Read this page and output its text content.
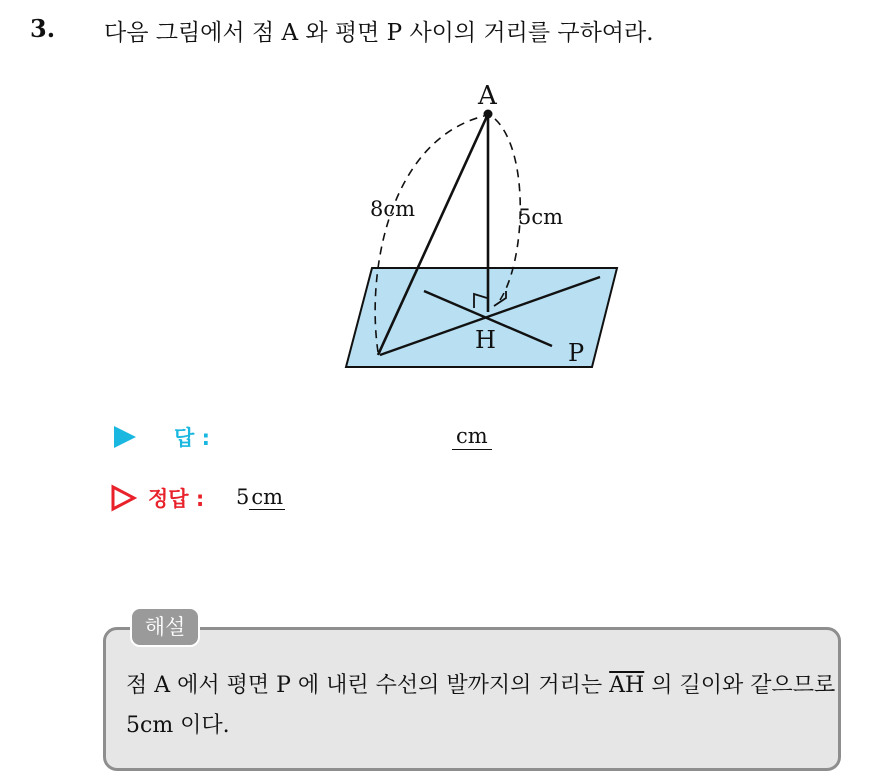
3. 다음 그림에서 점 A 와 평면 P 사이의 거리를 구하여라.
A
8cm	5cm
H	P
답 :	cm
정답 : 5cm
해설
점 A 에서 평면 P 에 내린 수선의 발까지의 거리는 $\overline{AH}$ 의 길이와 같으므로 5cm 이다.
